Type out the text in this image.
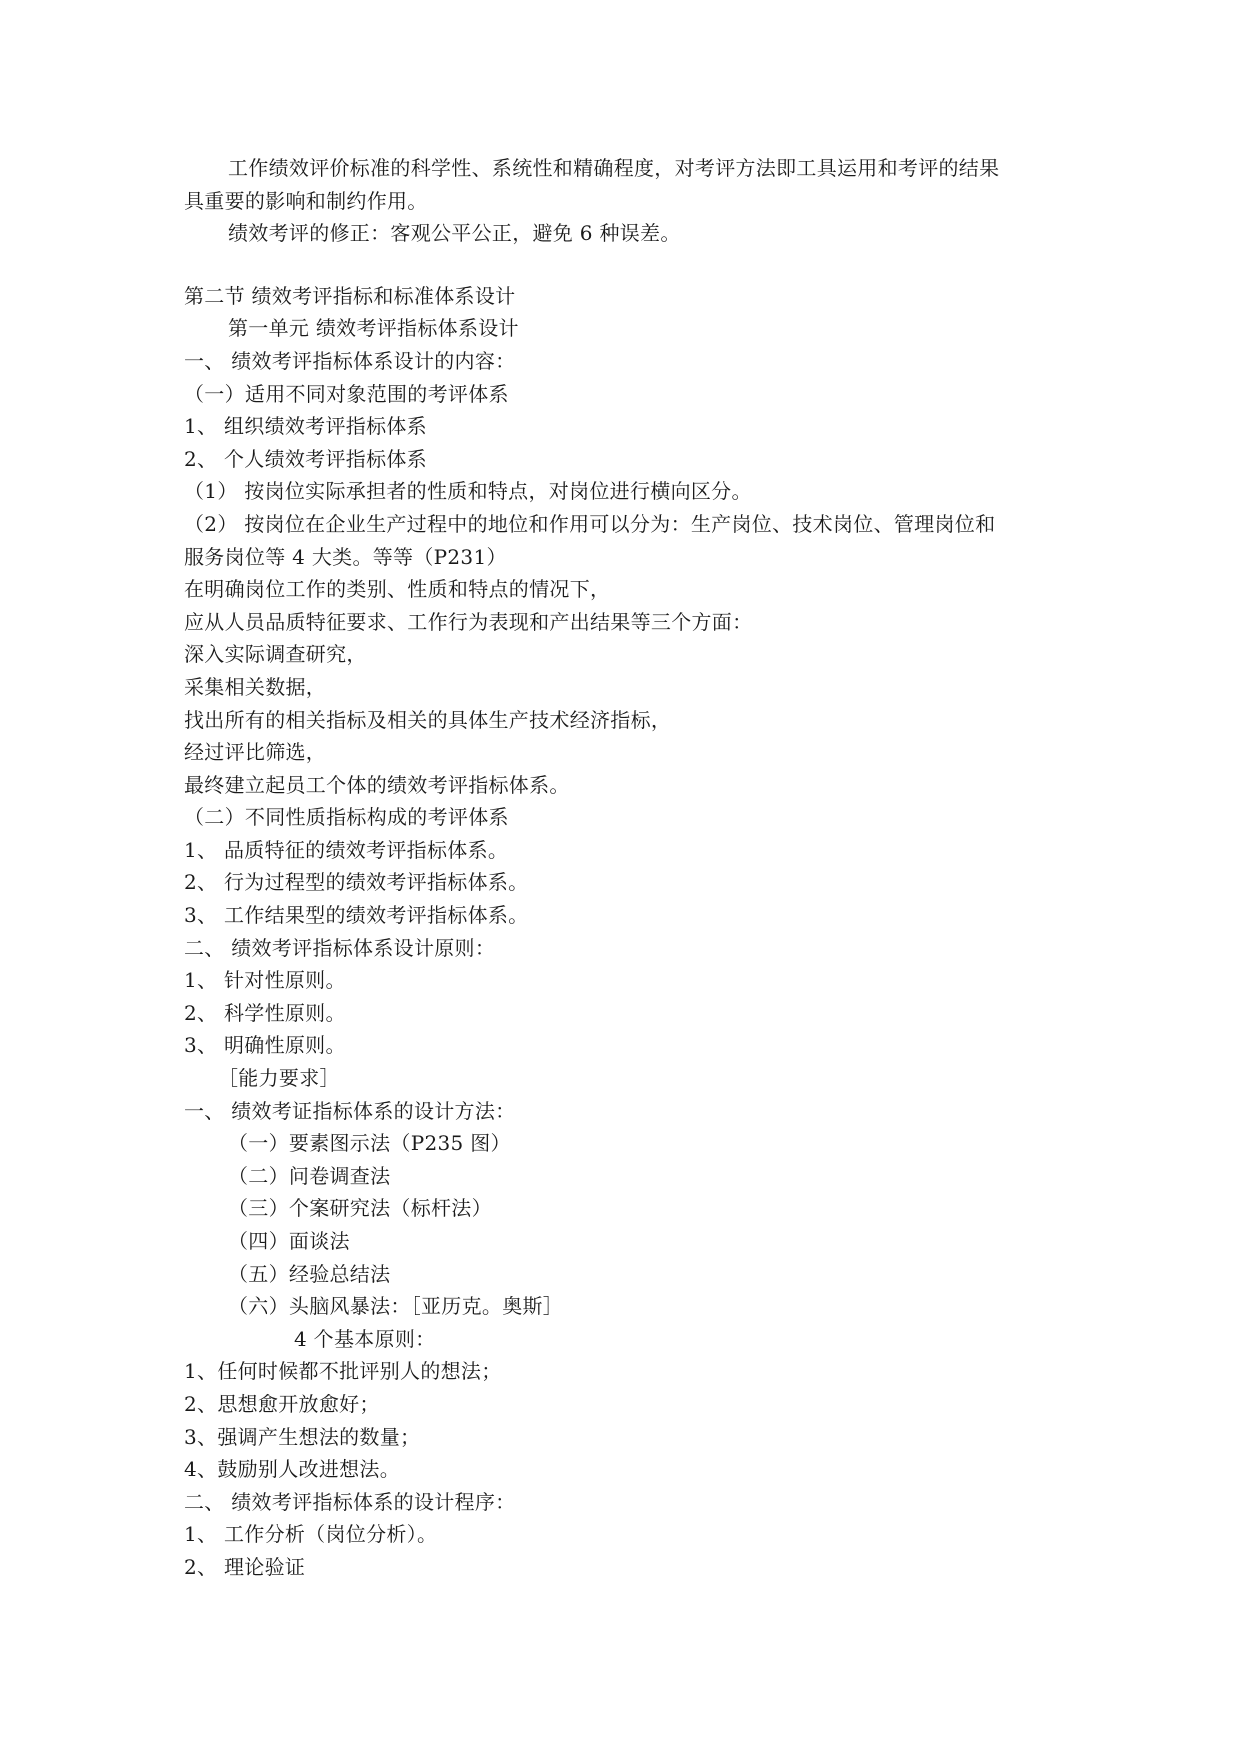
工作绩效评价标准的科学性、系统性和精确程度，对考评方法即工具运用和考评的结果
具重要的影响和制约作用。
绩效考评的修正：客观公平公正，避免 6 种误差。
第二节 绩效考评指标和标准体系设计
第一单元 绩效考评指标体系设计
一、 绩效考评指标体系设计的内容：
（一）适用不同对象范围的考评体系
1、 组织绩效考评指标体系
2、 个人绩效考评指标体系
（1） 按岗位实际承担者的性质和特点，对岗位进行横向区分。
（2） 按岗位在企业生产过程中的地位和作用可以分为：生产岗位、技术岗位、管理岗位和
服务岗位等 4 大类。等等（P231）
在明确岗位工作的类别、性质和特点的情况下，
应从人员品质特征要求、工作行为表现和产出结果等三个方面：
深入实际调查研究，
采集相关数据，
找出所有的相关指标及相关的具体生产技术经济指标，
经过评比筛选，
最终建立起员工个体的绩效考评指标体系。
（二）不同性质指标构成的考评体系
1、 品质特征的绩效考评指标体系。
2、 行为过程型的绩效考评指标体系。
3、 工作结果型的绩效考评指标体系。
二、 绩效考评指标体系设计原则：
1、 针对性原则。
2、 科学性原则。
3、 明确性原则。
［能力要求］
一、 绩效考证指标体系的设计方法：
（一）要素图示法（P235 图）
（二）问卷调查法
（三）个案研究法（标杆法）
（四）面谈法
（五）经验总结法
（六）头脑风暴法：［亚历克。奥斯］
4 个基本原则：
1、任何时候都不批评别人的想法；
2、思想愈开放愈好；
3、强调产生想法的数量；
4、鼓励别人改进想法。
二、 绩效考评指标体系的设计程序：
1、 工作分析（岗位分析）。
2、 理论验证
